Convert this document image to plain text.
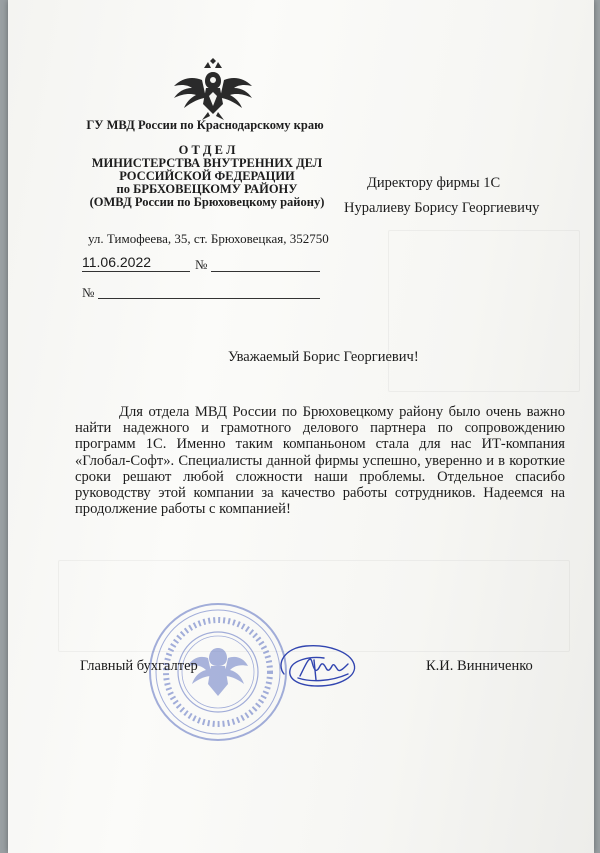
ГУ МВД России по Краснодарскому краю
О Т Д Е Л
МИНИСТЕРСТВА ВНУТРЕННИХ ДЕЛ
РОССИЙСКОЙ ФЕДЕРАЦИИ
по БРБХОВЕЦКОМУ РАЙОНУ
(ОМВД России по Брюховецкому району)
ул. Тимофеева, 35, ст. Брюховецкая, 352750
11.06.2022	№
№
Директору фирмы 1С
Нуралиеву Борису Георгиевичу
Уважаемый Борис Георгиевич!
Для отдела МВД России по Брюховецкому району было очень важно найти надежного и грамотного делового партнера по сопровождению программ 1С. Именно таким компаньоном стала для нас ИТ-компания «Глобал-Софт». Специалисты данной фирмы успешно, уверенно и в короткие сроки решают любой сложности наши проблемы. Отдельное спасибо руководству этой компании за качество работы сотрудников. Надеемся на продолжение работы с компанией!
Главный бухгалтер	К.И. Винниченко
